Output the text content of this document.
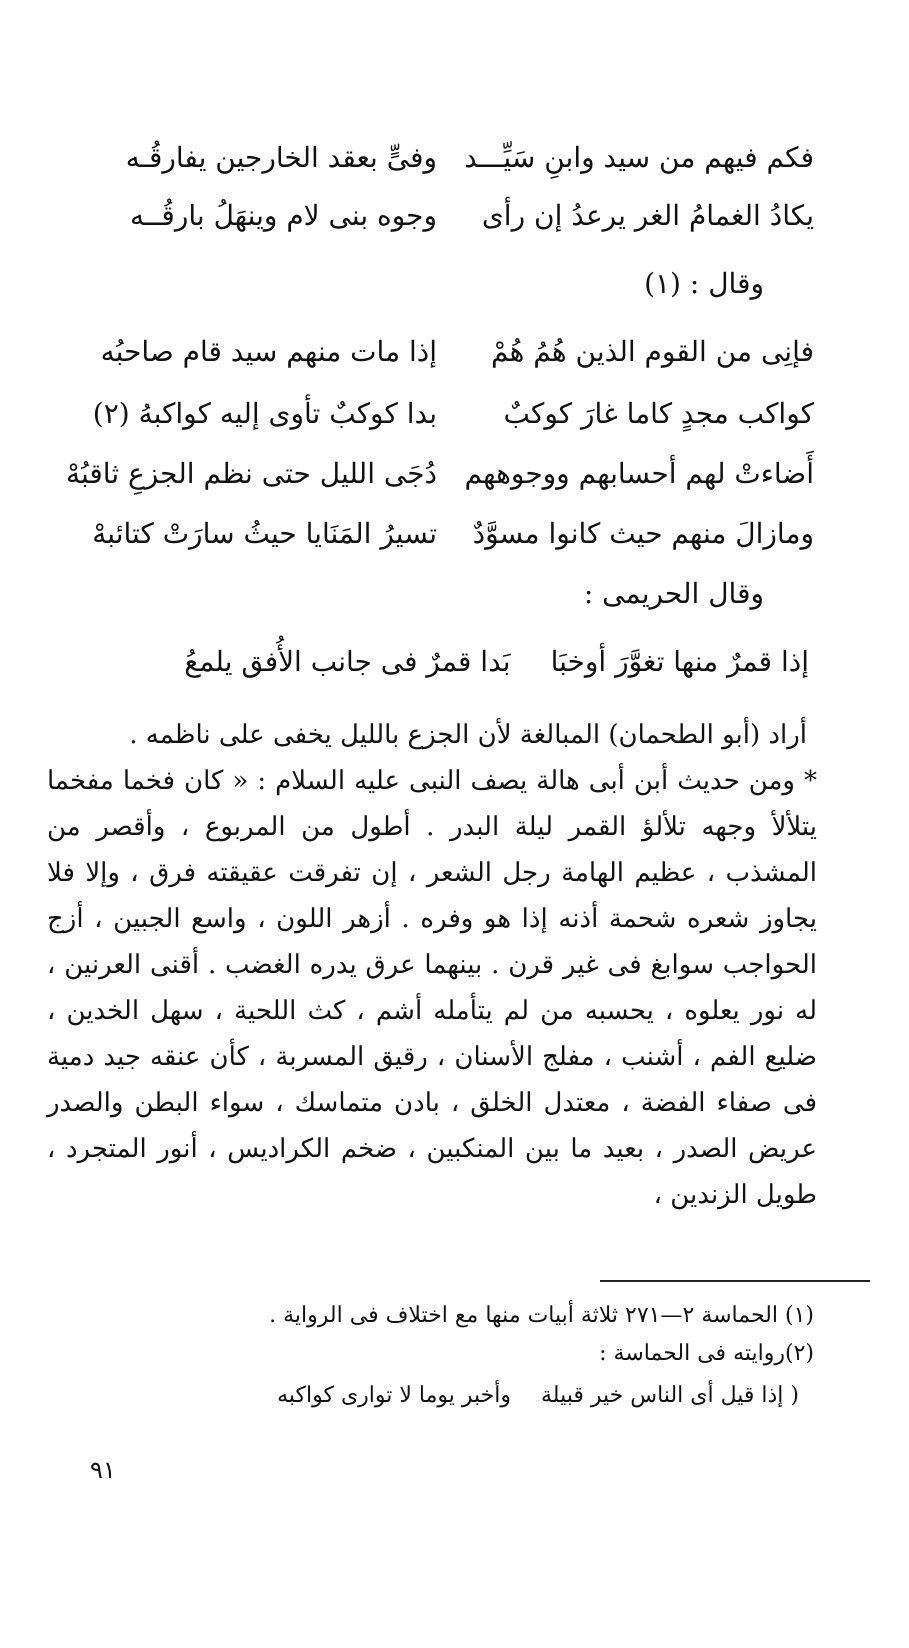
فكم فيهم من سيد وابنِ سَيِّـــد
وفىٍّ بعقد الخارجين يفارقُـه
يكادُ الغمامُ الغر يرعدُ إن رأى
وجوه بنى لام وينهَلُ بارقُــه
وقال : (١)
فإنِى من القوم الذين هُمُ هُمْ
إذا مات منهم سيد قام صاحبُه
كواكب مجدٍ كاما غارَ كوكبٌ
بدا كوكبٌ تأوى إليه كواكبهُ (٢)
أَضاءتْ لهم أحسابهم ووجوههم
دُجَى الليل حتى نظم الجزعِ ثاقبُهْ
ومازالَ منهم حيث كانوا مسوَّدٌ
تسيرُ المَنَايا حيثُ سارَتْ كتائبهْ
وقال الحريمى :
إذا قمرٌ منها تغوَّرَ أوخبَابَدا قمرٌ فى جانب الأُفق يلمعُ

أراد (أبو الطحمان) المبالغة لأن الجزع بالليل يخفى على ناظمه .

* ومن حديث أبن أبى هالة يصف النبى عليه السلام : « كان فخما مفخما يتلألأ وجهه تلألؤ القمر ليلة البدر . أطول من المربوع ، وأقصر من المشذب ، عظيم الهامة رجل الشعر ، إن تفرقت عقيقته فرق ، وإلا فلا يجاوز شعره شحمة أذنه إذا هو وفره . أزهر اللون ، واسع الجبين ، أزج الحواجب سوابغ فى غير قرن . بينهما عرق يدره الغضب . أقنى العرنين ، له نور يعلوه ، يحسبه من لم يتأمله أشم ، كث اللحية ، سهل الخدين ، ضليع الفم ، أشنب ، مفلج الأسنان ، رقيق المسربة ، كأن عنقه جيد دمية فى صفاء الفضة ، معتدل الخلق ، بادن متماسك ، سواء البطن والصدر عريض الصدر ، بعيد ما بين المنكبين ، ضخم الكراديس ، أنور المتجرد ، طويل الزندين ،

(١) الحماسة ٢—٢٧١ ثلاثة أبيات منها مع اختلاف فى الرواية .
(٢)روايته فى الحماسة :
( إذا قيل أى الناس خير قبيلةوأخبر يوما لا توارى كواكبه
٩١
